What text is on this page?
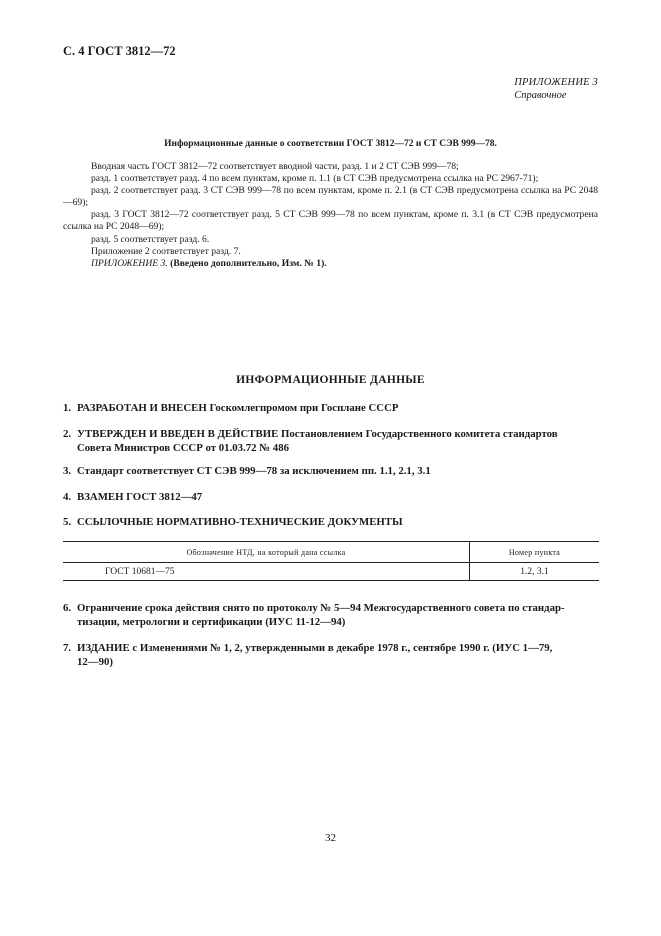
С. 4 ГОСТ 3812—72
ПРИЛОЖЕНИЕ 3
Справочное
Информационные данные о соответствии ГОСТ 3812—72 и СТ СЭВ 999—78.

Вводная часть ГОСТ 3812—72 соответствует вводной части, разд. 1 и 2 СТ СЭВ 999—78;

разд. 1 соответствует разд. 4 по всем пунктам, кроме п. 1.1 (в СТ СЭВ предусмотрена ссылка на РС 2967-71);

разд. 2 соответствует разд. 3 СТ СЭВ 999—78 по всем пунктам, кроме п. 2.1 (в СТ СЭВ предусмотрена ссылка на РС 2048—69);

разд. 3 ГОСТ 3812—72 соответствует разд. 5 СТ СЭВ 999—78 по всем пунктам, кроме п. 3.1 (в СТ СЭВ предусмотрена ссылка на РС 2048—69);

разд. 5 соответствует разд. 6.

Приложение 2 соответствует разд. 7.

ПРИЛОЖЕНИЕ 3. (Введено дополнительно, Изм. № 1).

ИНФОРМАЦИОННЫЕ ДАННЫЕ
1. РАЗРАБОТАН И ВНЕСЕН Госкомлегпромом при Госплане СССР
2. УТВЕРЖДЕН И ВВЕДЕН В ДЕЙСТВИЕ Постановлением Государственного комитета стандартов
Совета Министров СССР от 01.03.72 № 486
3. Стандарт соответствует СТ СЭВ 999—78 за исключением пп. 1.1, 2.1, 3.1
4. ВЗАМЕН ГОСТ 3812—47
5. ССЫЛОЧНЫЕ НОРМАТИВНО-ТЕХНИЧЕСКИЕ ДОКУМЕНТЫ
Обозначение НТД, на который дана ссылка	Номер пункта
ГОСТ 10681—75	1.2, 3.1
6. Ограничение срока действия снято по протоколу № 5—94 Межгосударственного совета по стандар-
тизации, метрологии и сертификации (ИУС 11-12—94)
7. ИЗДАНИЕ с Изменениями № 1, 2, утвержденными в декабре 1978 г., сентябре 1990 г. (ИУС 1—79,
12—90)
32
